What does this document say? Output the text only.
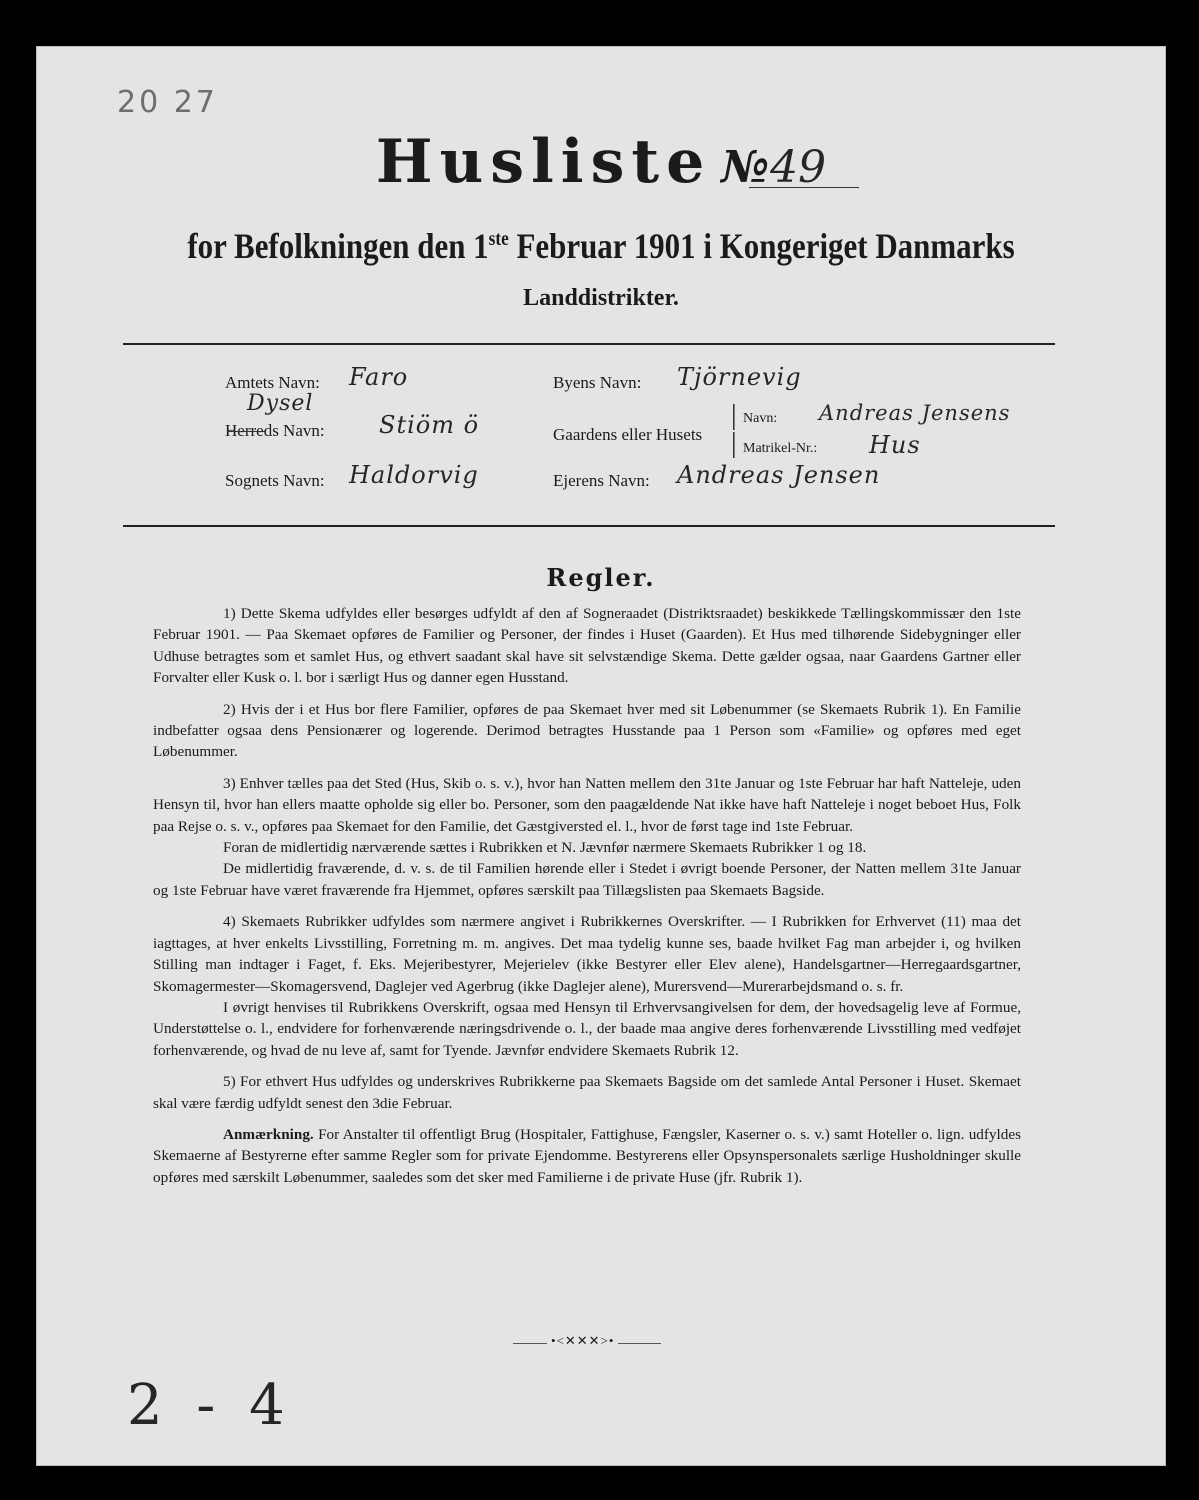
20 27
Husliste №49
for Befolkningen den 1ste Februar 1901 i Kongeriget Danmarks
Landdistrikter.
Amtets Navn: Faro	Byens Navn: Tjörnevig
Dysel
Herreds Navn: Stiöm ö	Gaardens eller Husets
|
|
Navn: Andreas Jensens
Matrikel-Nr.: Hus
Sognets Navn: Haldorvig	Ejerens Navn: Andreas Jensen
Regler.

1) Dette Skema udfyldes eller besørges udfyldt af den af Sogneraadet (Distriktsraadet) beskikkede Tællingskommissær den 1ste Februar 1901. — Paa Skemaet opføres de Familier og Personer, der findes i Huset (Gaarden). Et Hus med tilhørende Sidebygninger eller Udhuse betragtes som et samlet Hus, og ethvert saadant skal have sit selvstændige Skema. Dette gælder ogsaa, naar Gaardens Gartner eller Forvalter eller Kusk o. l. bor i særligt Hus og danner egen Husstand.

2) Hvis der i et Hus bor flere Familier, opføres de paa Skemaet hver med sit Løbenummer (se Skemaets Rubrik 1). En Familie indbefatter ogsaa dens Pensionærer og logerende. Derimod betragtes Husstande paa 1 Person som «Familie» og opføres med eget Løbenummer.

3) Enhver tælles paa det Sted (Hus, Skib o. s. v.), hvor han Natten mellem den 31te Januar og 1ste Februar har haft Natteleje, uden Hensyn til, hvor han ellers maatte opholde sig eller bo. Personer, som den paagældende Nat ikke have haft Natteleje i noget beboet Hus, Folk paa Rejse o. s. v., opføres paa Skemaet for den Familie, det Gæstgiversted el. l., hvor de først tage ind 1ste Februar.

Foran de midlertidig nærværende sættes i Rubrikken et N. Jævnfør nærmere Skemaets Rubrikker 1 og 18.

De midlertidig fraværende, d. v. s. de til Familien hørende eller i Stedet i øvrigt boende Personer, der Natten mellem 31te Januar og 1ste Februar have været fraværende fra Hjemmet, opføres særskilt paa Tillægslisten paa Skemaets Bagside.

4) Skemaets Rubrikker udfyldes som nærmere angivet i Rubrikkernes Overskrifter. — I Rubrikken for Erhvervet (11) maa det iagttages, at hver enkelts Livsstilling, Forretning m. m. angives. Det maa tydelig kunne ses, baade hvilket Fag man arbejder i, og hvilken Stilling man indtager i Faget, f. Eks. Mejeribestyrer, Mejerielev (ikke Bestyrer eller Elev alene), Handelsgartner—Herregaardsgartner, Skomagermester—Skomagersvend, Daglejer ved Agerbrug (ikke Daglejer alene), Murersvend—Murerarbejdsmand o. s. fr.

I øvrigt henvises til Rubrikkens Overskrift, ogsaa med Hensyn til Erhvervsangivelsen for dem, der hovedsagelig leve af Formue, Understøttelse o. l., endvidere for forhenværende næringsdrivende o. l., der baade maa angive deres forhenværende Livsstilling med vedføjet forhenværende, og hvad de nu leve af, samt for Tyende. Jævnfør endvidere Skemaets Rubrik 12.

5) For ethvert Hus udfyldes og underskrives Rubrikkerne paa Skemaets Bagside om det samlede Antal Personer i Huset. Skemaet skal være færdig udfyldt senest den 3die Februar.

Anmærkning. For Anstalter til offentligt Brug (Hospitaler, Fattighuse, Fængsler, Kaserner o. s. v.) samt Hoteller o. lign. udfyldes Skemaerne af Bestyrerne efter samme Regler som for private Ejendomme. Bestyrerens eller Opsynspersonalets særlige Husholdninger skulle opføres med særskilt Løbenummer, saaledes som det sker med Familierne i de private Huse (jfr. Rubrik 1).

•<✕✕✕>•
2 - 4
